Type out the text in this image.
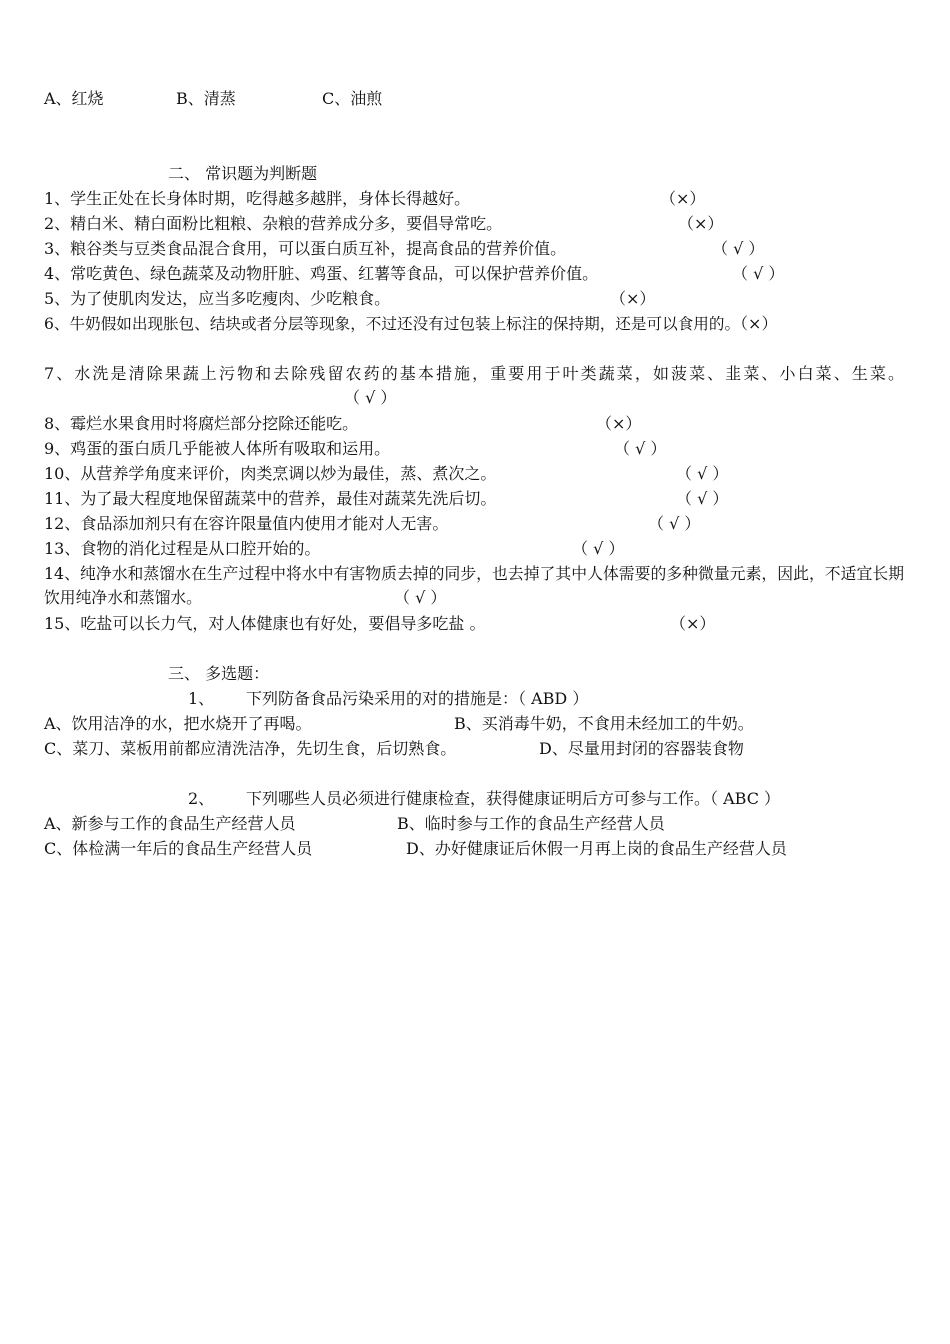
A、红烧	B、清蒸	C、油煎
二、 常识题为判断题
1、学生正处在长身体时期，吃得越多越胖，身体长得越好。	（×）
2、精白米、精白面粉比粗粮、杂粮的营养成分多，要倡导常吃。	（×）
3、粮谷类与豆类食品混合食用，可以蛋白质互补，提高食品的营养价值。	（ √ ）
4、常吃黄色、绿色蔬菜及动物肝脏、鸡蛋、红薯等食品，可以保护营养价值。	（ √ ）
5、为了使肌肉发达，应当多吃瘦肉、少吃粮食。	（×）
6、牛奶假如出现胀包、结块或者分层等现象，不过还没有过包装上标注的保持期，还是可以食用的。（×）
7、水洗是清除果蔬上污物和去除残留农药的基本措施，重要用于叶类蔬菜，如菠菜、韭菜、小白菜、生菜。（ √ ）
8、霉烂水果食用时将腐烂部分挖除还能吃。	（×）
9、鸡蛋的蛋白质几乎能被人体所有吸取和运用。	（ √ ）
10、从营养学角度来评价，肉类烹调以炒为最佳，蒸、煮次之。	（ √ ）
11、为了最大程度地保留蔬菜中的营养，最佳对蔬菜先洗后切。	（ √ ）
12、食品添加剂只有在容许限量值内使用才能对人无害。	（ √ ）
13、食物的消化过程是从口腔开始的。	（ √ ）
14、纯净水和蒸馏水在生产过程中将水中有害物质去掉的同步，也去掉了其中人体需要的多种微量元素，因此，不适宜长期饮用纯净水和蒸馏水。	（ √ ）
15、吃盐可以长力气，对人体健康也有好处，要倡导多吃盐 。	（×）
三、 多选题：
1、 下列防备食品污染采用的对的措施是：（ ABD ）
A、饮用洁净的水，把水烧开了再喝。	B、买消毒牛奶，不食用未经加工的牛奶。
C、菜刀、菜板用前都应清洗洁净，先切生食，后切熟食。	D、尽量用封闭的容器装食物
2、 下列哪些人员必须进行健康检查，获得健康证明后方可参与工作。（ ABC ）
A、新参与工作的食品生产经营人员	B、临时参与工作的食品生产经营人员
C、体检满一年后的食品生产经营人员	D、办好健康证后休假一月再上岗的食品生产经营人员
